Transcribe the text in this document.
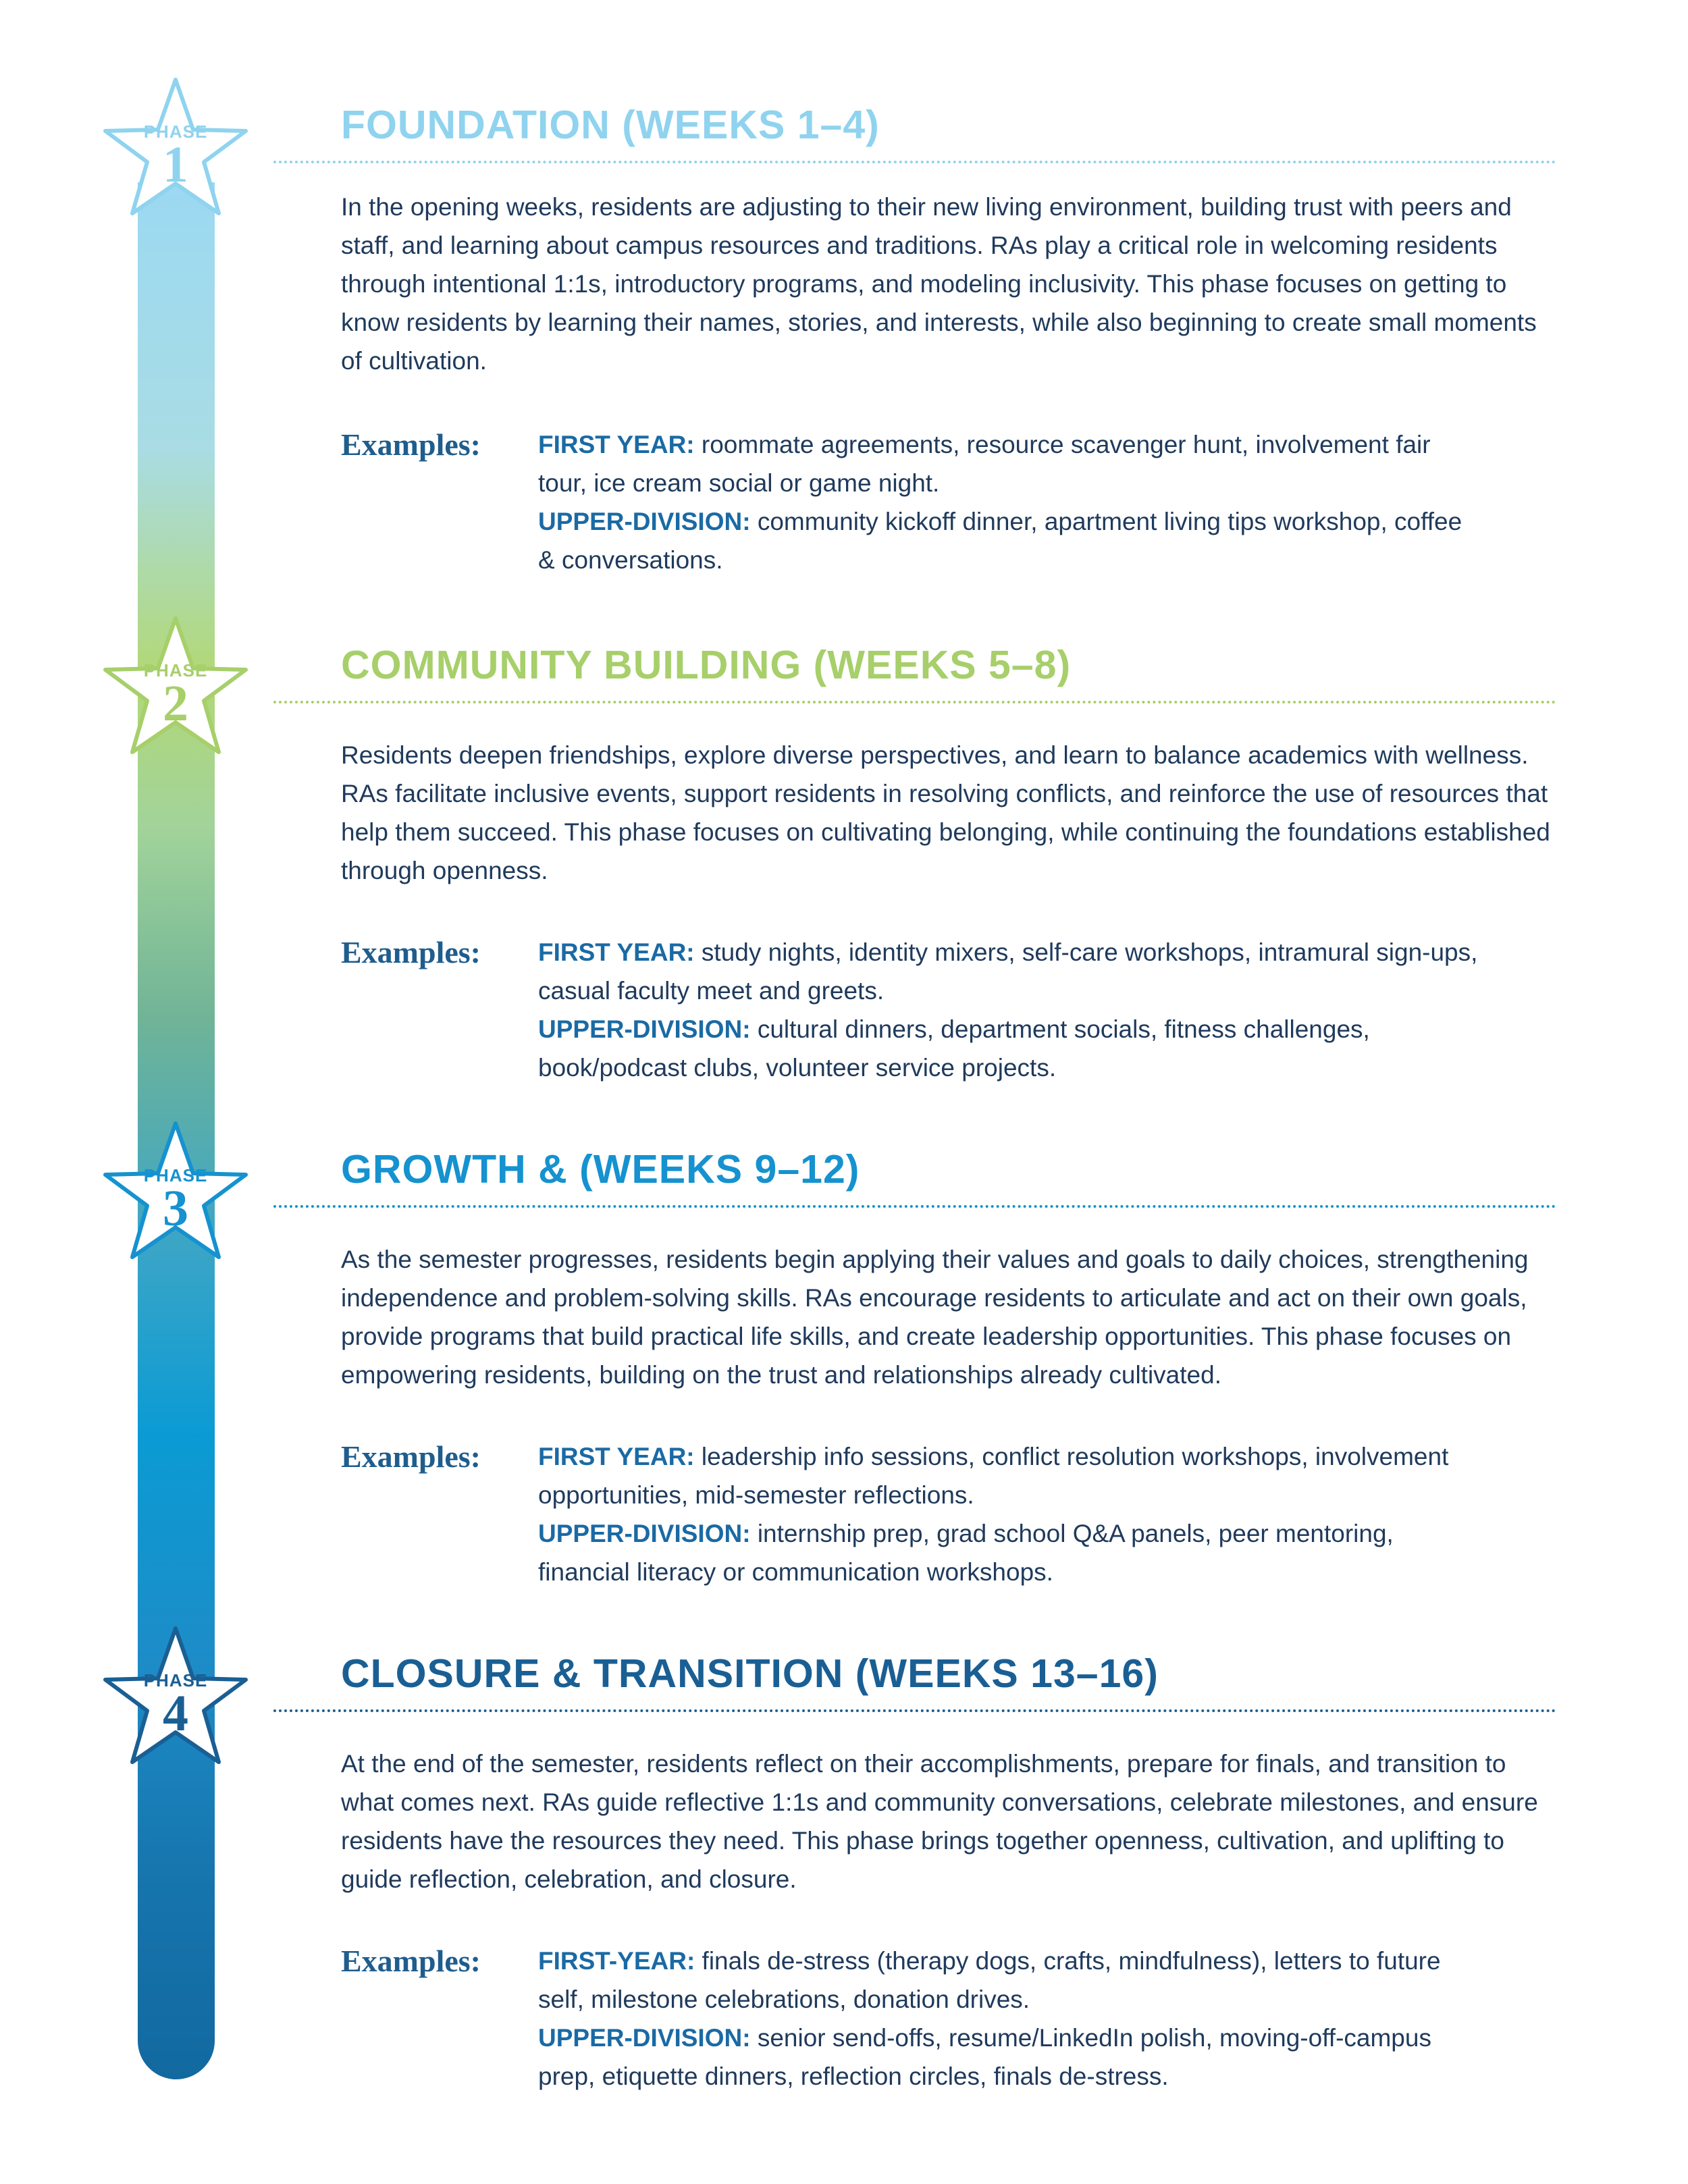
PHASE
1
FOUNDATION (WEEKS 1–4)
In the opening weeks, residents are adjusting to their new living environment, building trust with peers and staff, and learning about campus resources and traditions. RAs play a critical role in welcoming residents through intentional 1:1s, introductory programs, and modeling inclusivity. This phase focuses on getting to know residents by learning their names, stories, and interests, while also beginning to create small moments of cultivation.
Examples: FIRST YEAR: roommate agreements, resource scavenger hunt, involvement fair tour, ice cream social or game night.

UPPER-DIVISION: community kickoff dinner, apartment living tips workshop, coffee & conversations.

PHASE
2
COMMUNITY BUILDING (WEEKS 5–8)
Residents deepen friendships, explore diverse perspectives, and learn to balance academics with wellness. RAs facilitate inclusive events, support residents in resolving conflicts, and reinforce the use of resources that help them succeed. This phase focuses on cultivating belonging, while continuing the foundations established through openness.
Examples: FIRST YEAR: study nights, identity mixers, self-care workshops, intramural sign-ups, casual faculty meet and greets.

UPPER-DIVISION: cultural dinners, department socials, fitness challenges, book/podcast clubs, volunteer service projects.

PHASE
3
GROWTH & (WEEKS 9–12)
As the semester progresses, residents begin applying their values and goals to daily choices, strengthening independence and problem-solving skills. RAs encourage residents to articulate and act on their own goals, provide programs that build practical life skills, and create leadership opportunities. This phase focuses on empowering residents, building on the trust and relationships already cultivated.
Examples: FIRST YEAR: leadership info sessions, conflict resolution workshops, involvement opportunities, mid-semester reflections.

UPPER-DIVISION: internship prep, grad school Q&A panels, peer mentoring, financial literacy or communication workshops.

PHASE
4
CLOSURE & TRANSITION (WEEKS 13–16)
At the end of the semester, residents reflect on their accomplishments, prepare for finals, and transition to what comes next. RAs guide reflective 1:1s and community conversations, celebrate milestones, and ensure residents have the resources they need. This phase brings together openness, cultivation, and uplifting to guide reflection, celebration, and closure.
Examples: FIRST-YEAR: finals de-stress (therapy dogs, crafts, mindfulness), letters to future self, milestone celebrations, donation drives.

UPPER-DIVISION: senior send-offs, resume/LinkedIn polish, moving-off-campus prep, etiquette dinners, reflection circles, finals de-stress.
